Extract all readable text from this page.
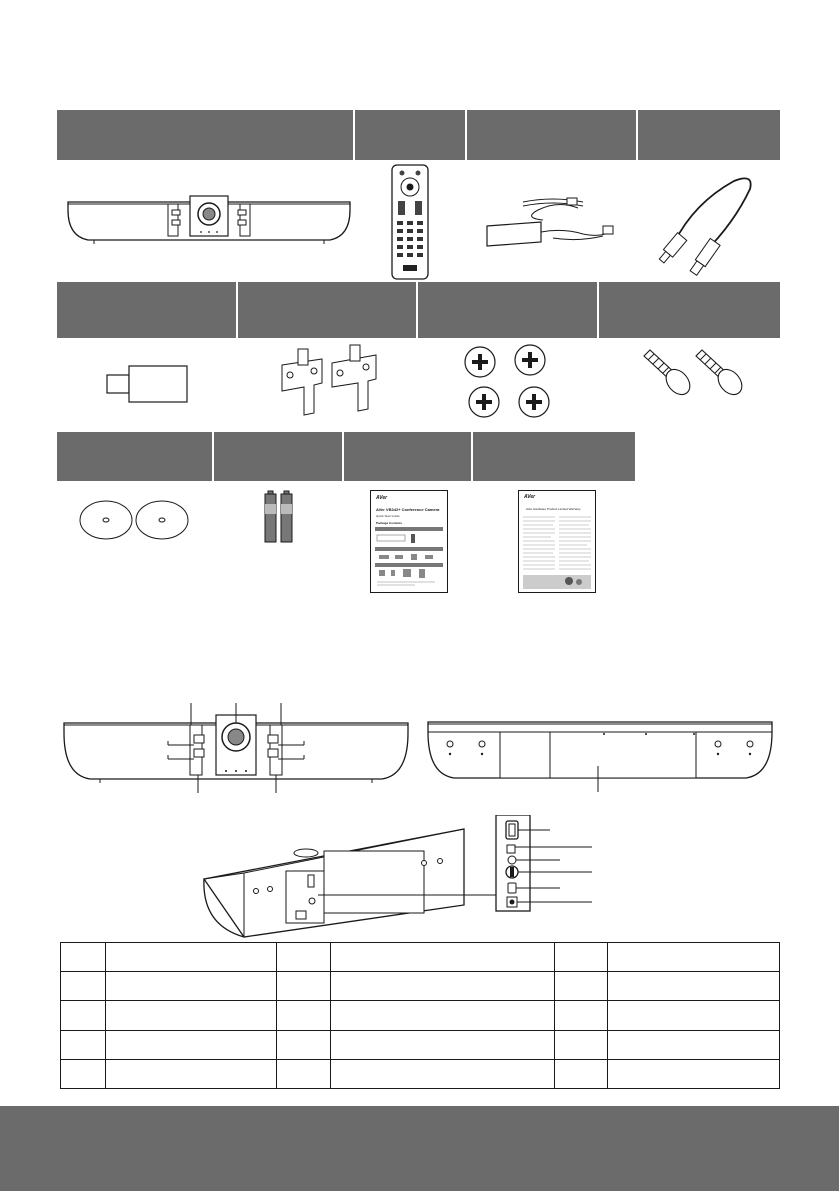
AVer
AVer VB342+ Conference Camera
Quick Start Guide
Package Contents
AVer
AVer Hardware Product Limited Warranty
